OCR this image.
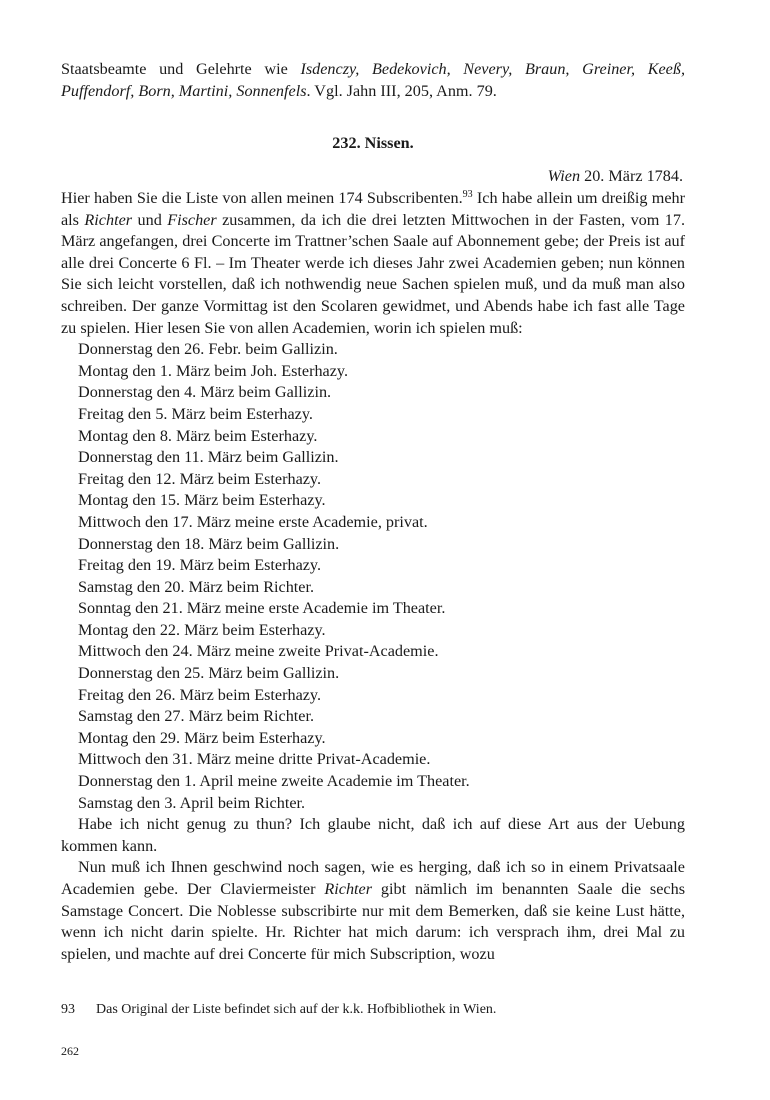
Staatsbeamte und Gelehrte wie Isdenczy, Bedekovich, Nevery, Braun, Greiner, Keeß,
Puffendorf, Born, Martini, Sonnenfels. Vgl. Jahn III, 205, Anm. 79.
232. Nissen.
Wien 20. März 1784.
Hier haben Sie die Liste von allen meinen 174 Subscribenten.$^{93}$ Ich habe allein um dreißig mehr als Richter und Fischer zusammen, da ich die drei letzten Mittwochen in der Fasten, vom 17. März angefangen, drei Concerte im Trattner’schen Saale auf Abonnement gebe; der Preis ist auf alle drei Concerte 6 Fl. – Im Theater werde ich dieses Jahr zwei Academien geben; nun können Sie sich leicht vorstellen, daß ich nothwendig neue Sachen spielen muß, und da muß man also schreiben. Der ganze Vormittag ist den Scolaren gewidmet, und Abends habe ich fast alle Tage zu spielen. Hier lesen Sie von allen Academien, worin ich spielen muß:
Donnerstag den 26. Febr. beim Gallizin.
Montag den 1. März beim Joh. Esterhazy.
Donnerstag den 4. März beim Gallizin.
Freitag den 5. März beim Esterhazy.
Montag den 8. März beim Esterhazy.
Donnerstag den 11. März beim Gallizin.
Freitag den 12. März beim Esterhazy.
Montag den 15. März beim Esterhazy.
Mittwoch den 17. März meine erste Academie, privat.
Donnerstag den 18. März beim Gallizin.
Freitag den 19. März beim Esterhazy.
Samstag den 20. März beim Richter.
Sonntag den 21. März meine erste Academie im Theater.
Montag den 22. März beim Esterhazy.
Mittwoch den 24. März meine zweite Privat-Academie.
Donnerstag den 25. März beim Gallizin.
Freitag den 26. März beim Esterhazy.
Samstag den 27. März beim Richter.
Montag den 29. März beim Esterhazy.
Mittwoch den 31. März meine dritte Privat-Academie.
Donnerstag den 1. April meine zweite Academie im Theater.
Samstag den 3. April beim Richter.
Habe ich nicht genug zu thun? Ich glaube nicht, daß ich auf diese Art aus der Uebung kommen kann.
Nun muß ich Ihnen geschwind noch sagen, wie es herging, daß ich so in einem Privatsaale Academien gebe. Der Claviermeister Richter gibt nämlich im benannten Saale die sechs Samstage Concert. Die Noblesse subscribirte nur mit dem Bemerken, daß sie keine Lust hätte, wenn ich nicht darin spielte. Hr. Richter hat mich darum: ich versprach ihm, drei Mal zu spielen, und machte auf drei Concerte für mich Subscription, wozu
93 Das Original der Liste befindet sich auf der k.k. Hofbibliothek in Wien.
262
